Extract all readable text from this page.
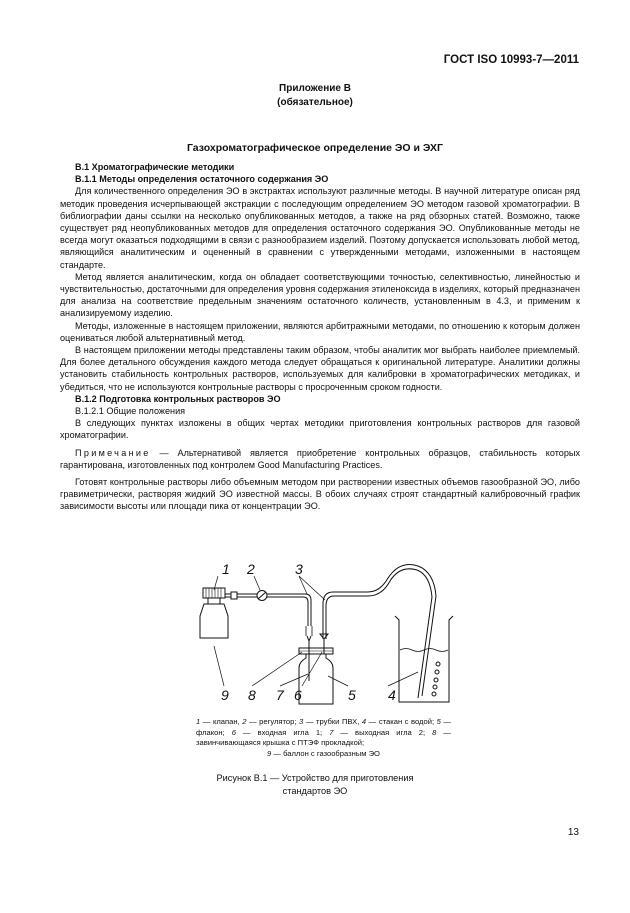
ГОСТ ISO 10993-7—2011
Приложение В
(обязательное)
Газохроматографическое определение ЭО и ЭХГ

В.1 Хроматографические методики

В.1.1 Методы определения остаточного содержания ЭО

Для количественного определения ЭО в экстрактах используют различные методы. В научной литературе описан ряд методик проведения исчерпывающей экстракции с последующим определением ЭО методом газовой хроматографии. В библиографии даны ссылки на несколько опубликованных методов, а также на ряд обзорных статей. Возможно, также существует ряд неопубликованных методов для определения остаточного содержания ЭО. Опубликованные методы не всегда могут оказаться подходящими в связи с разнообразием изделий. Поэтому допускается использовать любой метод, являющийся аналитическим и оцененный в сравнении с утвержденными методами, изложенными в настоящем стандарте.

Метод является аналитическим, когда он обладает соответствующими точностью, селективностью, линейностью и чувствительностью, достаточными для определения уровня содержания этиленоксида в изделиях, который предназначен для анализа на соответствие предельным значениям остаточного количеств, установленным в 4.3, и применим к анализируемому изделию.

Методы, изложенные в настоящем приложении, являются арбитражными методами, по отношению к которым должен оцениваться любой альтернативный метод.

В настоящем приложении методы представлены таким образом, чтобы аналитик мог выбрать наиболее приемлемый. Для более детального обсуждения каждого метода следует обращаться к оригинальной литературе. Аналитики должны установить стабильность контрольных растворов, используемых для калибровки в хроматографических методиках, и убедиться, что не используются контрольные растворы с просроченным сроком годности.

В.1.2 Подготовка контрольных растворов ЭО

В.1.2.1 Общие положения

В следующих пунктах изложены в общих чертах методики приготовления контрольных растворов для газовой хроматографии.

Примечание — Альтернативой является приобретение контрольных образцов, стабильность которых гарантирована, изготовленных под контролем Good Manufacturing Practices.

Готовят контрольные растворы либо объемным методом при растворении известных объемов газообразной ЭО, либо гравиметрически, растворяя жидкий ЭО известной массы. В обоих случаях строят стандартный калибровочный график зависимости высоты или площади пика от концентрации ЭО.

1 2	3
4
5
6
7
8
9
1 — клапан, 2 — регулятор; 3 — трубки ПВХ, 4 — стакан с водой; 5 — флакон; 6 — входная игла 1; 7 — выходная игла 2; 8 — завинчивающаяся крышка с ПТЭФ прокладкой;
9 — баллон с газообразным ЭО
Рисунок В.1 — Устройство для приготовления
стандартов ЭО
13
